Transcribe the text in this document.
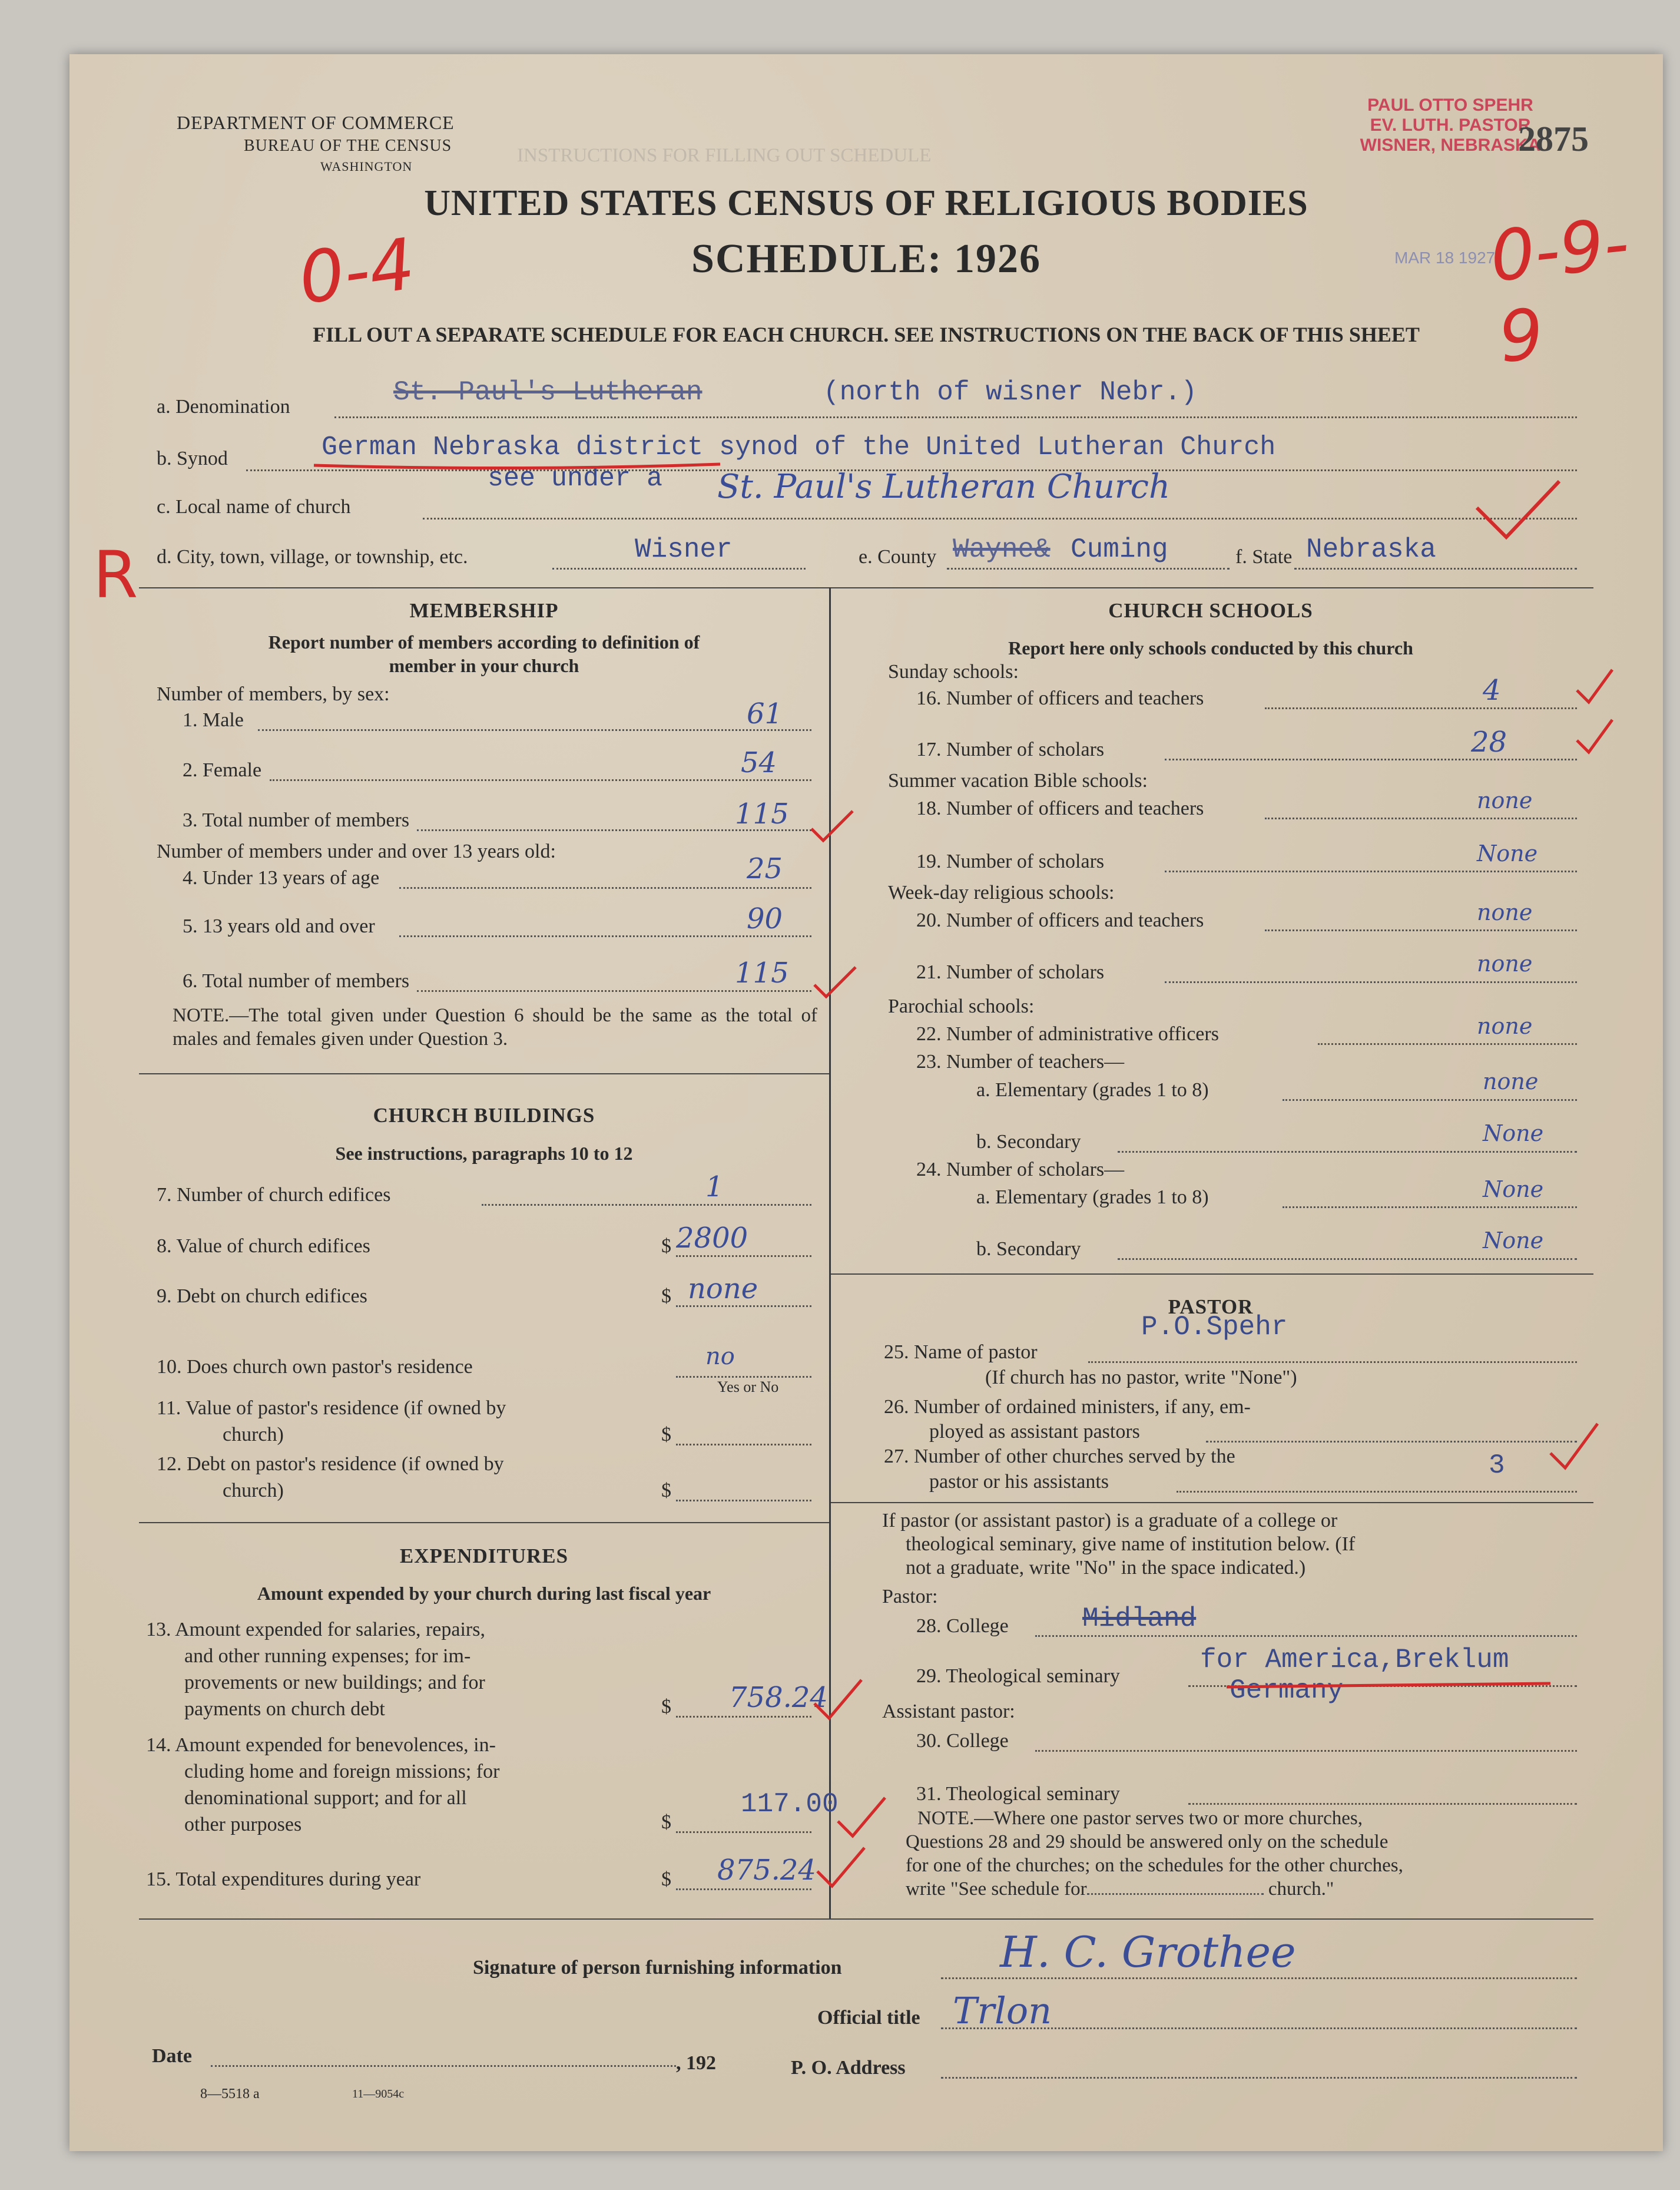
INSTRUCTIONS FOR FILLING OUT SCHEDULE
DEPARTMENT OF COMMERCE
BUREAU OF THE CENSUS
WASHINGTON
PAUL OTTO SPEHR
EV. LUTH. PASTOR
WISNER, NEBRASKA
2875
MAR 18 1927
UNITED STATES CENSUS OF RELIGIOUS BODIES
SCHEDULE: 1926
0-4	0-9-9
R
FILL OUT A SEPARATE SCHEDULE FOR EACH CHURCH. SEE INSTRUCTIONS ON THE BACK OF THIS SHEET
a. Denomination	St. Paul's Lutheran	(north of wisner Nebr.)
b. Synod	German Nebraska district synod of the United Lutheran Church
see under a
c. Local name of church
St. Paul's Lutheran Church
d. City, town, village, or township, etc.	Wisner	e. County Wayne& Cuming	f. State Nebraska
MEMBERSHIP
Report number of members according to definition of
member in your church
Number of members, by sex:
1. Male	61
2. Female	54
3. Total number of members	115
Number of members under and over 13 years old:
4. Under 13 years of age	25
5. 13 years old and over	90
6. Total number of members	115
NOTE.—The total given under Question 6 should be the same as the total of males and females given under Question 3.
CHURCH BUILDINGS
See instructions, paragraphs 10 to 12
7. Number of church edifices	1
8. Value of church edifices	$ 2800
9. Debt on church edifices	$ none
10. Does church own pastor's residence	no
Yes or No
11. Value of pastor's residence (if owned by
church)	$
12. Debt on pastor's residence (if owned by
church)	$
EXPENDITURES
Amount expended by your church during last fiscal year
13. Amount expended for salaries, repairs,
and other running expenses; for im-
provements or new buildings; and for
payments on church debt	$ 758.24
14. Amount expended for benevolences, in-
cluding home and foreign missions; for
denominational support; and for all
other purposes	$
117.00
15. Total expenditures during year	$ 875.24
CHURCH SCHOOLS
Report here only schools conducted by this church
Sunday schools:
16. Number of officers and teachers	4
17. Number of scholars	28
Summer vacation Bible schools:
18. Number of officers and teachers	none
19. Number of scholars	None
Week-day religious schools:
20. Number of officers and teachers	none
21. Number of scholars	none
Parochial schools:
22. Number of administrative officers	none
23. Number of teachers—
a. Elementary (grades 1 to 8)	none
b. Secondary	None
24. Number of scholars—
a. Elementary (grades 1 to 8)	None
b. Secondary	None
PASTOR
P.O.Spehr
25. Name of pastor
(If church has no pastor, write "None")
26. Number of ordained ministers, if any, em-
ployed as assistant pastors
27. Number of other churches served by the
pastor or his assistants
3
If pastor (or assistant pastor) is a graduate of a college or
theological seminary, give name of institution below. (If
not a graduate, write "No" in the space indicated.)
Pastor:
28. College	Midland
29. Theological seminary
for America,Breklum
Germany
Assistant pastor:
30. College
31. Theological seminary
NOTE.—Where one pastor serves two or more churches,
Questions 28 and 29 should be answered only on the schedule
for one of the churches; on the schedules for the other churches,
write "See schedule for	church."
Signature of person furnishing information	H. C. Grothee
Official title Trlon
Date	, 192	P. O. Address
8—5518 a	11—9054c
